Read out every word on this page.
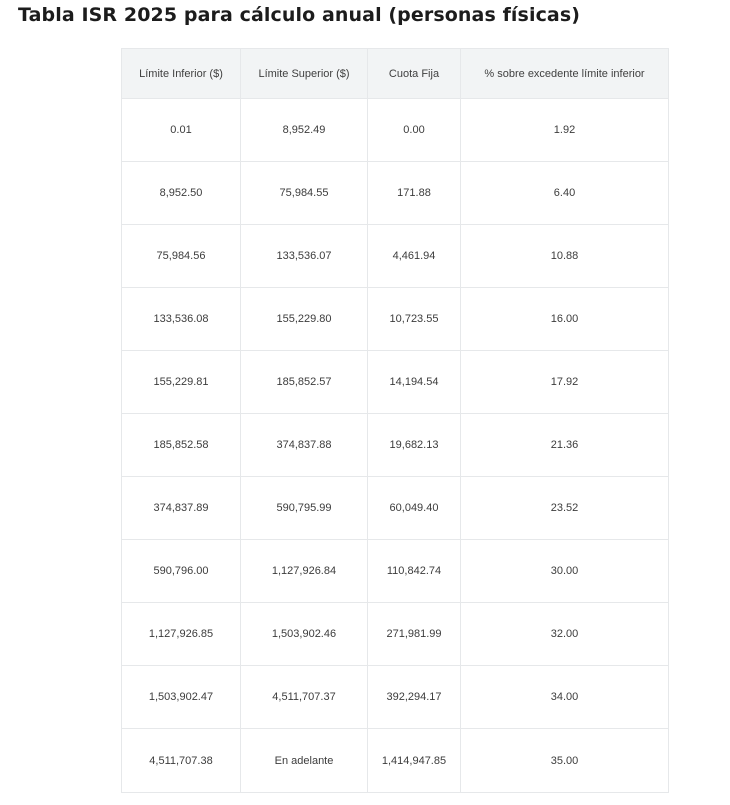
Tabla ISR 2025 para cálculo anual (personas físicas)
Límite Inferior ($)	Límite Superior ($)	Cuota Fija	% sobre excedente límite inferior
0.01	8,952.49	0.00	1.92
8,952.50	75,984.55	171.88	6.40
75,984.56	133,536.07	4,461.94	10.88
133,536.08	155,229.80	10,723.55	16.00
155,229.81	185,852.57	14,194.54	17.92
185,852.58	374,837.88	19,682.13	21.36
374,837.89	590,795.99	60,049.40	23.52
590,796.00	1,127,926.84	110,842.74	30.00
1,127,926.85	1,503,902.46	271,981.99	32.00
1,503,902.47	4,511,707.37	392,294.17	34.00
4,511,707.38	En adelante	1,414,947.85	35.00
